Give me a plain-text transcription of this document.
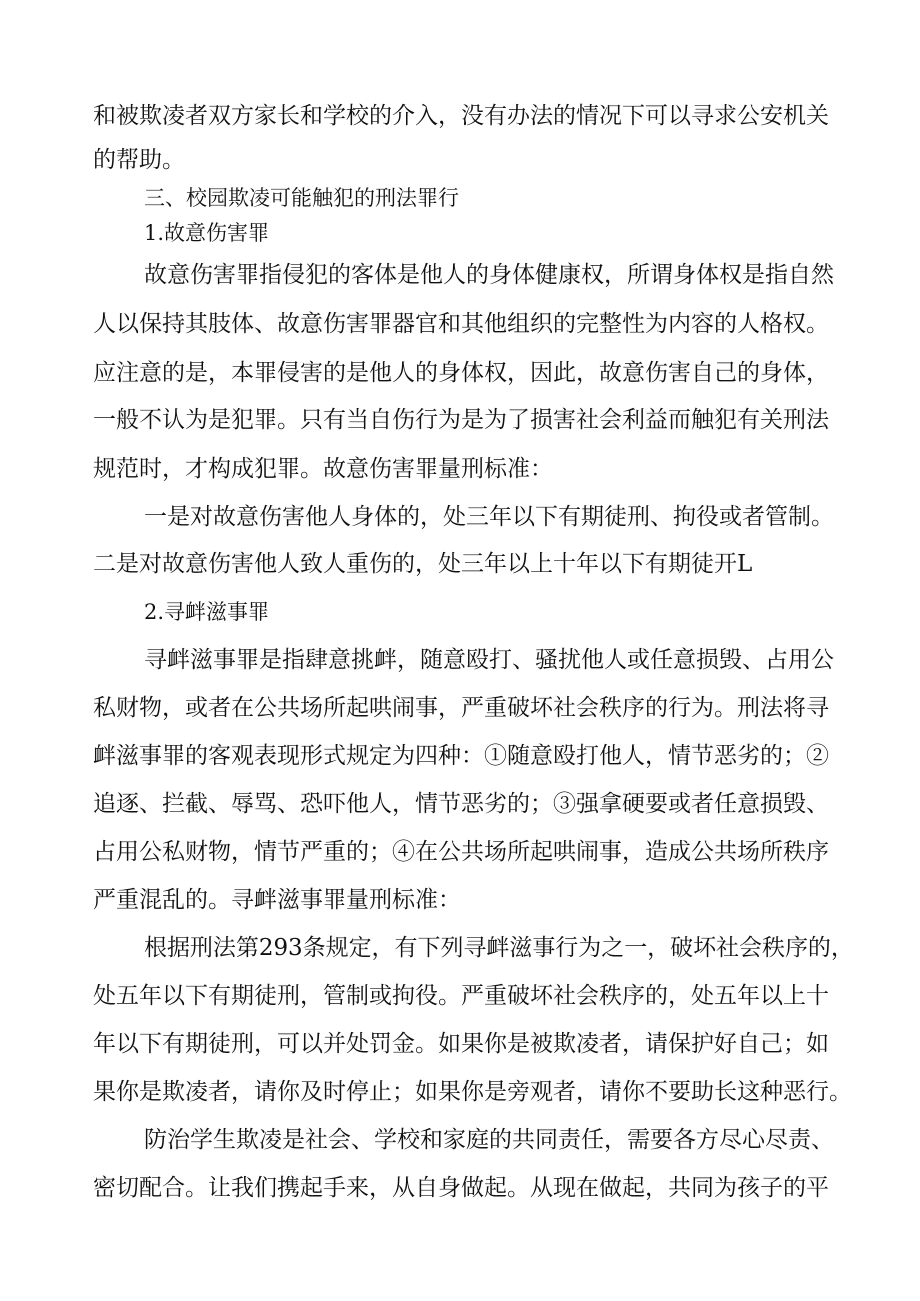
和被欺凌者双方家长和学校的介入，没有办法的情况下可以寻求公安机关
的帮助。
三、校园欺凌可能触犯的刑法罪行
1.故意伤害罪
故意伤害罪指侵犯的客体是他人的身体健康权，所谓身体权是指自然
人以保持其肢体、故意伤害罪器官和其他组织的完整性为内容的人格权。
应注意的是，本罪侵害的是他人的身体权，因此，故意伤害自己的身体，
一般不认为是犯罪。只有当自伤行为是为了损害社会利益而触犯有关刑法
规范时，才构成犯罪。故意伤害罪量刑标准：
一是对故意伤害他人身体的，处三年以下有期徒刑、拘役或者管制。
二是对故意伤害他人致人重伤的，处三年以上十年以下有期徒开L
2.寻衅滋事罪
寻衅滋事罪是指肆意挑衅，随意殴打、骚扰他人或任意损毁、占用公
私财物，或者在公共场所起哄闹事，严重破坏社会秩序的行为。刑法将寻
衅滋事罪的客观表现形式规定为四种：①随意殴打他人，情节恶劣的；②
追逐、拦截、辱骂、恐吓他人，情节恶劣的；③强拿硬要或者任意损毁、
占用公私财物，情节严重的；④在公共场所起哄闹事，造成公共场所秩序
严重混乱的。寻衅滋事罪量刑标准：
根据刑法第293条规定，有下列寻衅滋事行为之一，破坏社会秩序的，
处五年以下有期徒刑，管制或拘役。严重破坏社会秩序的，处五年以上十
年以下有期徒刑，可以并处罚金。如果你是被欺凌者，请保护好自己；如
果你是欺凌者，请你及时停止；如果你是旁观者，请你不要助长这种恶行。
防治学生欺凌是社会、学校和家庭的共同责任，需要各方尽心尽责、
密切配合。让我们携起手来，从自身做起。从现在做起，共同为孩子的平
